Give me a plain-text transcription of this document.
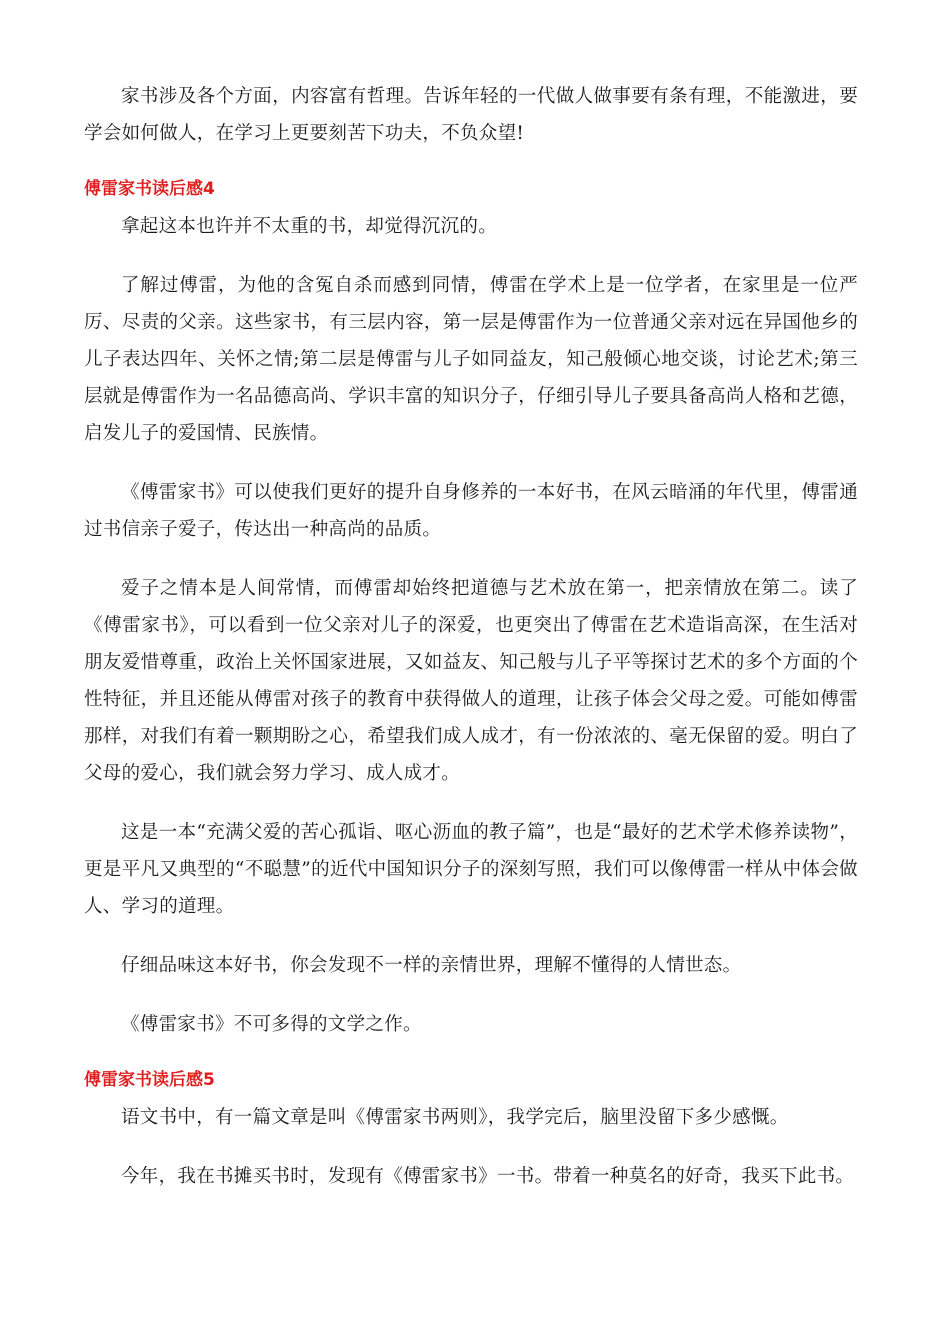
家书涉及各个方面，内容富有哲理。告诉年轻的一代做人做事要有条有理，不能激进，要学会如何做人，在学习上更要刻苦下功夫，不负众望!

傅雷家书读后感4

拿起这本也许并不太重的书，却觉得沉沉的。

了解过傅雷，为他的含冤自杀而感到同情，傅雷在学术上是一位学者，在家里是一位严厉、尽责的父亲。这些家书，有三层内容，第一层是傅雷作为一位普通父亲对远在异国他乡的儿子表达四年、关怀之情;第二层是傅雷与儿子如同益友，知己般倾心地交谈，讨论艺术;第三层就是傅雷作为一名品德高尚、学识丰富的知识分子，仔细引导儿子要具备高尚人格和艺德，启发儿子的爱国情、民族情。

《傅雷家书》可以使我们更好的提升自身修养的一本好书，在风云暗涌的年代里，傅雷通过书信亲子爱子，传达出一种高尚的品质。

爱子之情本是人间常情，而傅雷却始终把道德与艺术放在第一，把亲情放在第二。读了《傅雷家书》，可以看到一位父亲对儿子的深爱，也更突出了傅雷在艺术造诣高深，在生活对朋友爱惜尊重，政治上关怀国家进展，又如益友、知己般与儿子平等探讨艺术的多个方面的个性特征，并且还能从傅雷对孩子的教育中获得做人的道理，让孩子体会父母之爱。可能如傅雷那样，对我们有着一颗期盼之心，希望我们成人成才，有一份浓浓的、毫无保留的爱。明白了父母的爱心，我们就会努力学习、成人成才。

这是一本“充满父爱的苦心孤诣、呕心沥血的教子篇”，也是“最好的艺术学术修养读物”，更是平凡又典型的“不聪慧”的近代中国知识分子的深刻写照，我们可以像傅雷一样从中体会做人、学习的道理。

仔细品味这本好书，你会发现不一样的亲情世界，理解不懂得的人情世态。

《傅雷家书》不可多得的文学之作。

傅雷家书读后感5

语文书中，有一篇文章是叫《傅雷家书两则》，我学完后，脑里没留下多少感慨。

今年，我在书摊买书时，发现有《傅雷家书》一书。带着一种莫名的好奇，我买下此书。
